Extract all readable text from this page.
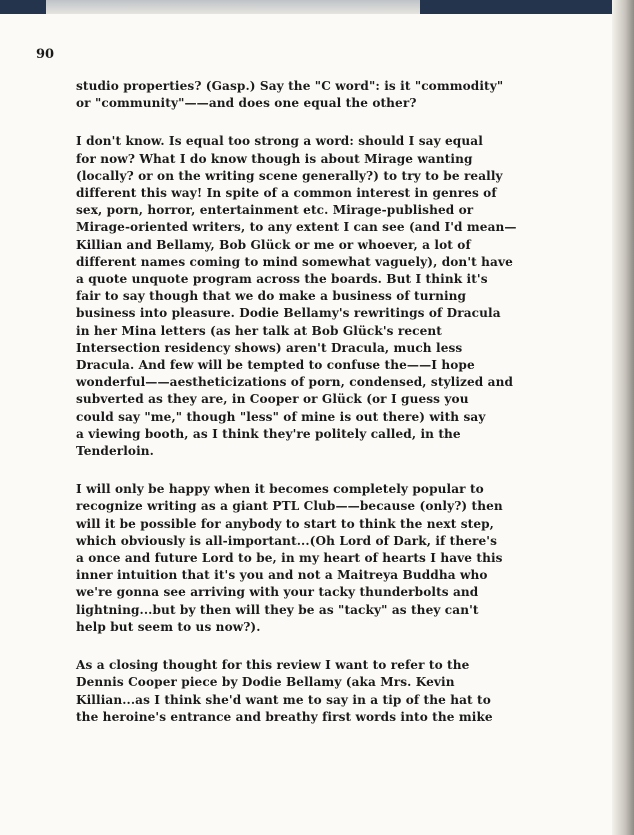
90
studio properties? (Gasp.) Say the "C word": is it "commodity"
or "community"——and does one equal the other?
I don't know. Is equal too strong a word: should I say equal
for now? What I do know though is about Mirage wanting
(locally? or on the writing scene generally?) to try to be really
different this way! In spite of a common interest in genres of
sex, porn, horror, entertainment etc. Mirage-published or
Mirage-oriented writers, to any extent I can see (and I'd mean—
Killian and Bellamy, Bob Glück or me or whoever, a lot of
different names coming to mind somewhat vaguely), don't have
a quote unquote program across the boards. But I think it's
fair to say though that we do make a business of turning
business into pleasure. Dodie Bellamy's rewritings of Dracula
in her Mina letters (as her talk at Bob Glück's recent
Intersection residency shows) aren't Dracula, much less
Dracula. And few will be tempted to confuse the——I hope
wonderful——aestheticizations of porn, condensed, stylized and
subverted as they are, in Cooper or Glück (or I guess you
could say "me," though "less" of mine is out there) with say
a viewing booth, as I think they're politely called, in the
Tenderloin.
I will only be happy when it becomes completely popular to
recognize writing as a giant PTL Club——because (only?) then
will it be possible for anybody to start to think the next step,
which obviously is all-important...(Oh Lord of Dark, if there's
a once and future Lord to be, in my heart of hearts I have this
inner intuition that it's you and not a Maitreya Buddha who
we're gonna see arriving with your tacky thunderbolts and
lightning...but by then will they be as "tacky" as they can't
help but seem to us now?).
As a closing thought for this review I want to refer to the
Dennis Cooper piece by Dodie Bellamy (aka Mrs. Kevin
Killian...as I think she'd want me to say in a tip of the hat to
the heroine's entrance and breathy first words into the mike
